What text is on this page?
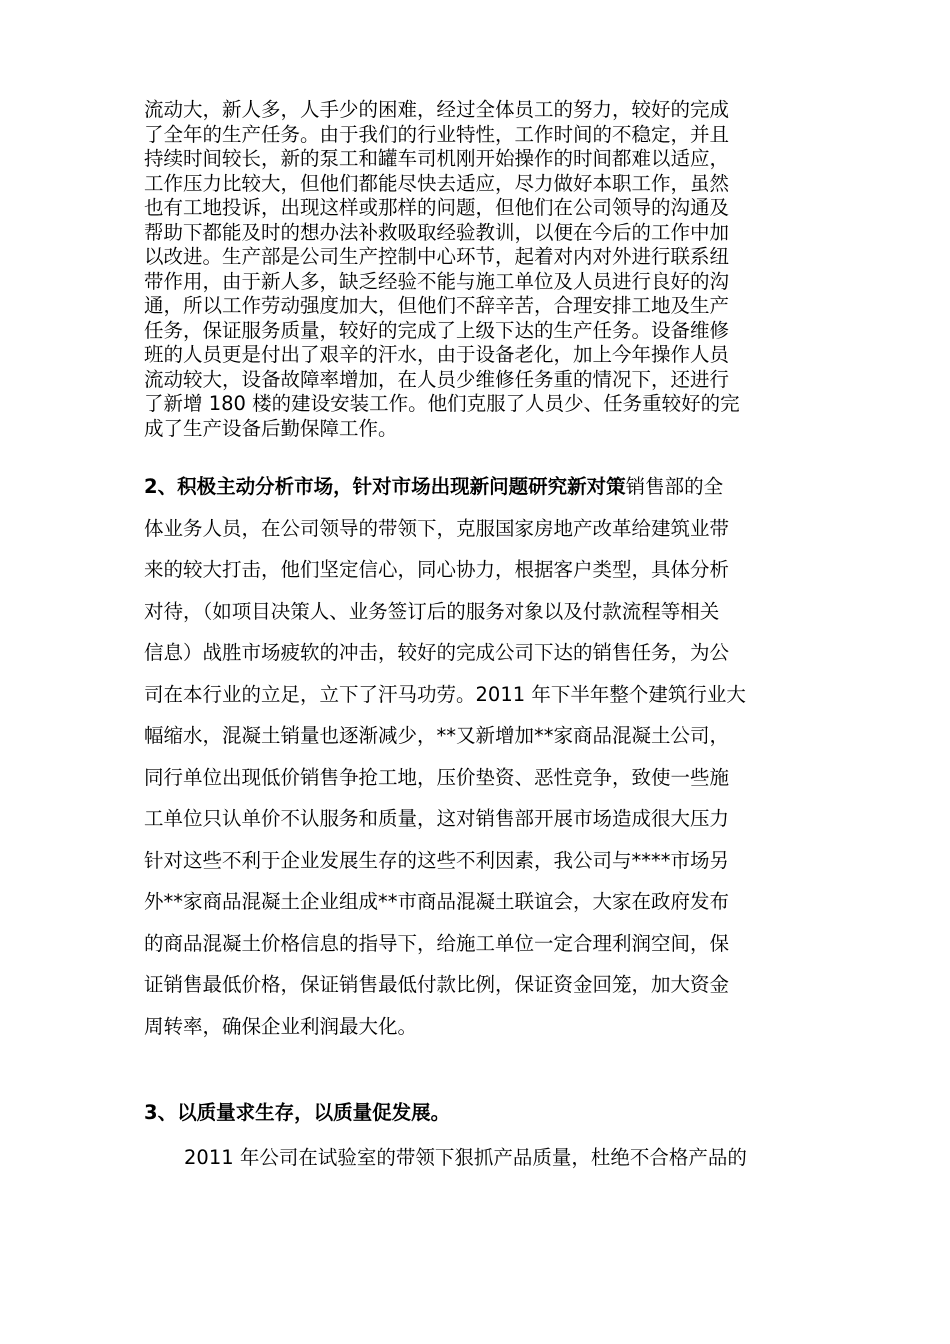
流动大，新人多，人手少的困难，经过全体员工的努力，较好的完成
了全年的生产任务。由于我们的行业特性，工作时间的不稳定，并且
持续时间较长，新的泵工和罐车司机刚开始操作的时间都难以适应，
工作压力比较大，但他们都能尽快去适应，尽力做好本职工作，虽然
也有工地投诉，出现这样或那样的问题，但他们在公司领导的沟通及
帮助下都能及时的想办法补救吸取经验教训，以便在今后的工作中加
以改进。生产部是公司生产控制中心环节，起着对内对外进行联系纽
带作用，由于新人多，缺乏经验不能与施工单位及人员进行良好的沟
通，所以工作劳动强度加大，但他们不辞辛苦，合理安排工地及生产
任务，保证服务质量，较好的完成了上级下达的生产任务。设备维修
班的人员更是付出了艰辛的汗水，由于设备老化，加上今年操作人员
流动较大，设备故障率增加，在人员少维修任务重的情况下，还进行
了新增 180 楼的建设安装工作。他们克服了人员少、任务重较好的完
成了生产设备后勤保障工作。
2、积极主动分析市场，针对市场出现新问题研究新对策销售部的全
体业务人员，在公司领导的带领下，克服国家房地产改革给建筑业带
来的较大打击，他们坚定信心，同心协力，根据客户类型，具体分析
对待，（如项目决策人、业务签订后的服务对象以及付款流程等相关
信息）战胜市场疲软的冲击，较好的完成公司下达的销售任务，为公
司在本行业的立足，立下了汗马功劳。2011 年下半年整个建筑行业大
幅缩水，混凝土销量也逐渐减少，**又新增加**家商品混凝土公司，
同行单位出现低价销售争抢工地，压价垫资、恶性竞争，致使一些施
工单位只认单价不认服务和质量，这对销售部开展市场造成很大压力
针对这些不利于企业发展生存的这些不利因素，我公司与****市场另
外**家商品混凝土企业组成**市商品混凝土联谊会，大家在政府发布
的商品混凝土价格信息的指导下，给施工单位一定合理利润空间，保
证销售最低价格，保证销售最低付款比例，保证资金回笼，加大资金
周转率，确保企业利润最大化。
3、以质量求生存，以质量促发展。
2011 年公司在试验室的带领下狠抓产品质量，杜绝不合格产品的
